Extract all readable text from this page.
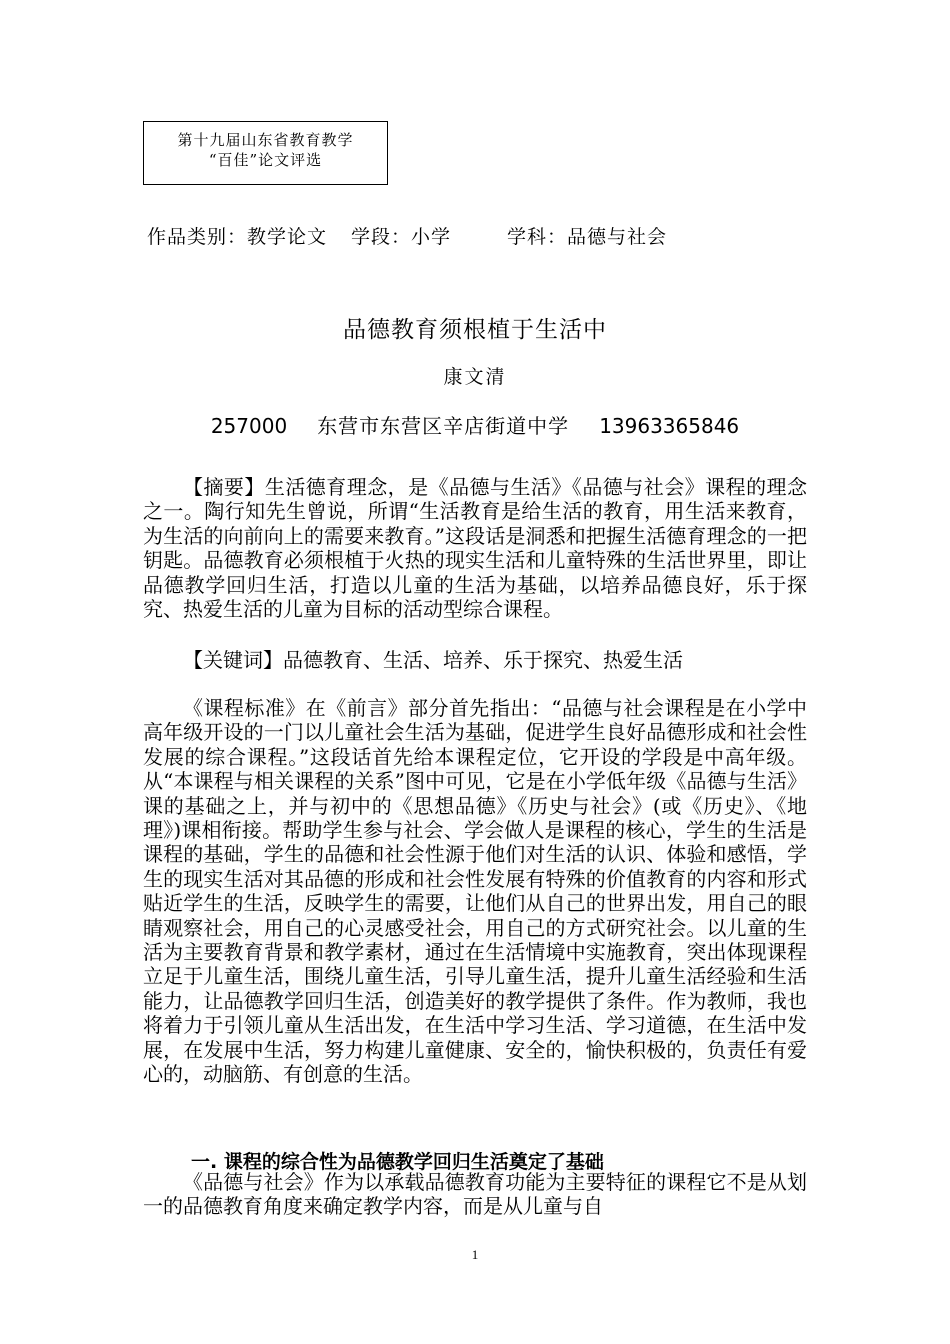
第十九届山东省教育教学
“百佳”论文评选
作品类别：教学论文 学段：小学	学科：品德与社会
品德教育须根植于生活中
康文清
257000 东营市东营区辛店街道中学 13963365846

【摘要】生活德育理念，是《品德与生活》《品德与社会》课程的理念之一。陶行知先生曾说，所谓“生活教育是给生活的教育，用生活来教育，为生活的向前向上的需要来教育。”这段话是洞悉和把握生活德育理念的一把钥匙。品德教育必须根植于火热的现实生活和儿童特殊的生活世界里，即让品德教学回归生活，打造以儿童的生活为基础，以培养品德良好，乐于探究、热爱生活的儿童为目标的活动型综合课程。

【关键词】品德教育、生活、培养、乐于探究、热爱生活

《课程标准》在《前言》部分首先指出：“品德与社会课程是在小学中高年级开设的一门以儿童社会生活为基础，促进学生良好品德形成和社会性发展的综合课程。”这段话首先给本课程定位，它开设的学段是中高年级。从“本课程与相关课程的关系”图中可见，它是在小学低年级《品德与生活》课的基础之上，并与初中的《思想品德》《历史与社会》(或《历史》、《地理》)课相衔接。帮助学生参与社会、学会做人是课程的核心，学生的生活是课程的基础，学生的品德和社会性源于他们对生活的认识、体验和感悟，学生的现实生活对其品德的形成和社会性发展有特殊的价值教育的内容和形式贴近学生的生活，反映学生的需要，让他们从自己的世界出发，用自己的眼睛观察社会，用自己的心灵感受社会，用自己的方式研究社会。以儿童的生活为主要教育背景和教学素材，通过在生活情境中实施教育，突出体现课程立足于儿童生活，围绕儿童生活，引导儿童生活，提升儿童生活经验和生活能力，让品德教学回归生活，创造美好的教学提供了条件。作为教师，我也将着力于引领儿童从生活出发，在生活中学习生活、学习道德，在生活中发展，在发展中生活，努力构建儿童健康、安全的，愉快积极的，负责任有爱心的，动脑筋、有创意的生活。

一. 课程的综合性为品德教学回归生活奠定了基础

《品德与社会》作为以承载品德教育功能为主要特征的课程它不是从划一的品德教育角度来确定教学内容，而是从儿童与自

1
